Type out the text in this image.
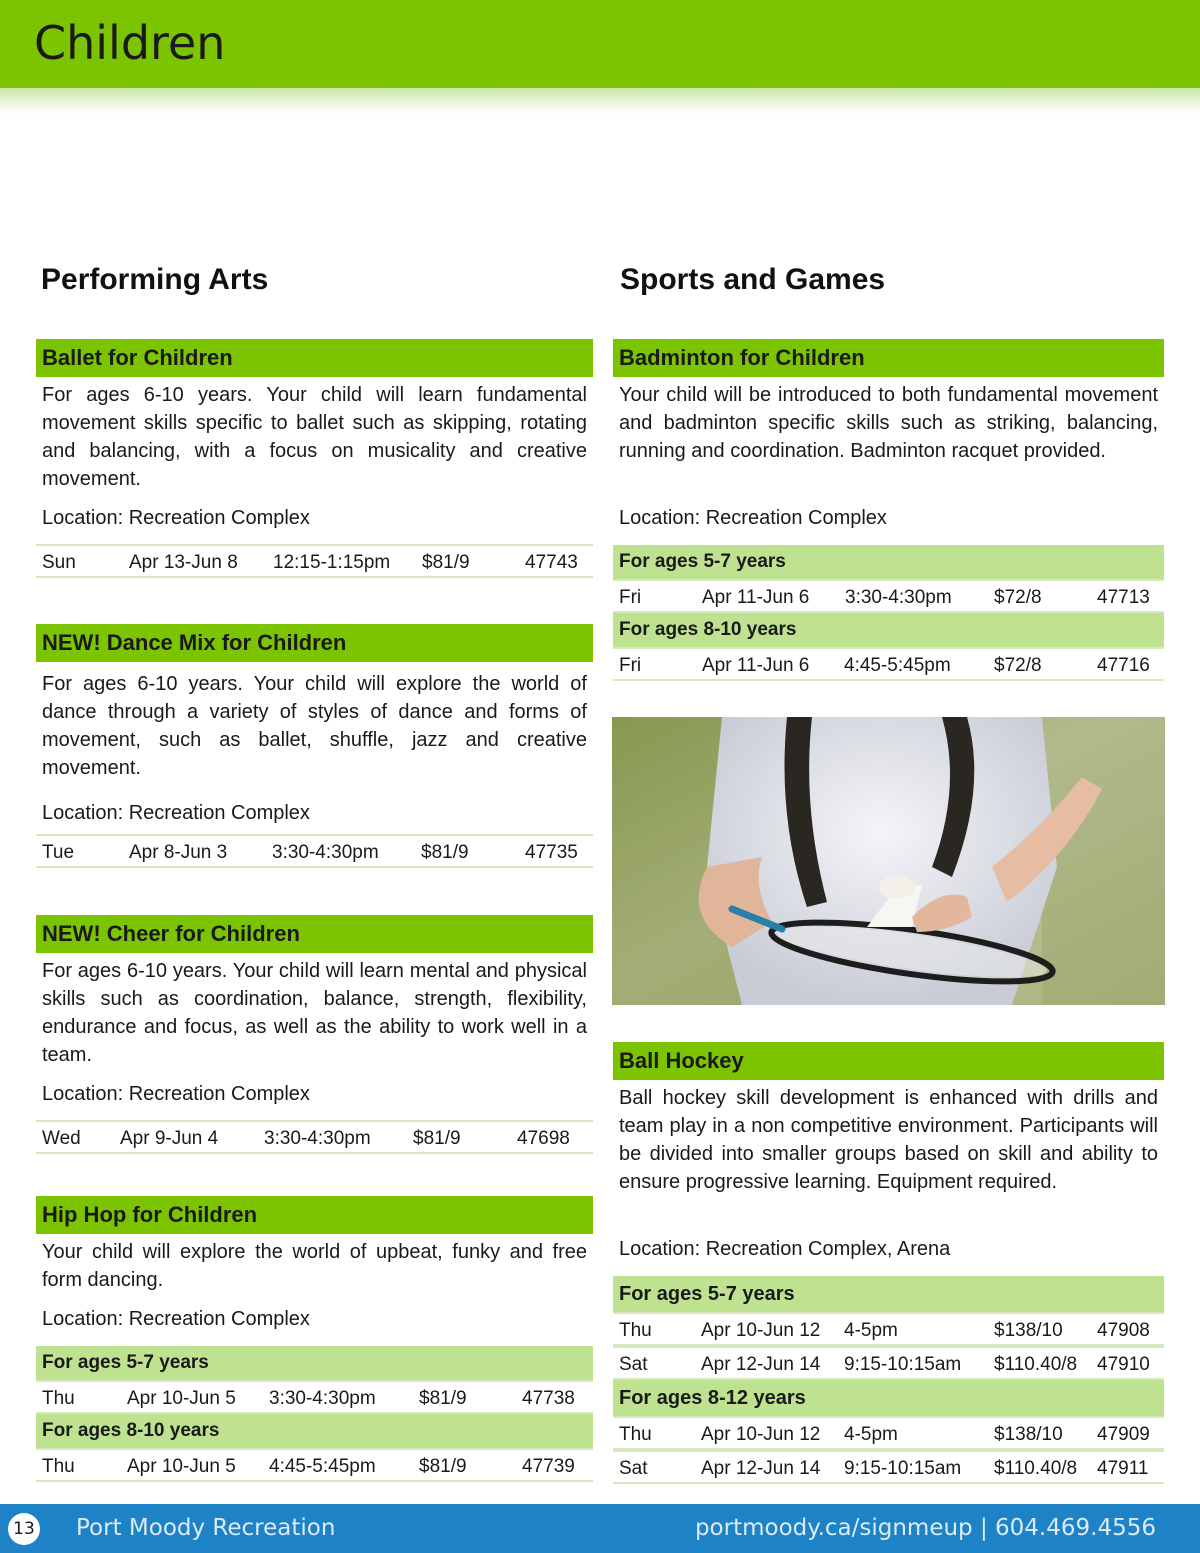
Children
Performing Arts
Ballet for Children
For ages 6-10 years. Your child will learn fundamental movement skills specific to ballet such as skipping, rotating and balancing, with a focus on musicality and creative movement.
Location: Recreation Complex
Sun	Apr 13-Jun 8 12:15-1:15pm $81/9	47743
NEW! Dance Mix for Children
For ages 6-10 years. Your child will explore the world of dance through a variety of styles of dance and forms of movement, such as ballet, shuffle, jazz and creative movement.
Location: Recreation Complex
Tue	Apr 8-Jun 3 3:30-4:30pm $81/9	47735
NEW! Cheer for Children
For ages 6-10 years. Your child will learn mental and physical skills such as coordination, balance, strength, flexibility, endurance and focus, as well as the ability to work well in a team.
Location: Recreation Complex
Wed Apr 9-Jun 4 3:30-4:30pm $81/9	47698
Hip Hop for Children
Your child will explore the world of upbeat, funky and free form dancing.
Location: Recreation Complex
For ages 5-7 years
Thu	Apr 10-Jun 5 3:30-4:30pm $81/9	47738
For ages 8-10 years
Thu	Apr 10-Jun 5 4:45-5:45pm $81/9	47739
Sports and Games
Badminton for Children
Your child will be introduced to both fundamental movement and badminton specific skills such as striking, balancing, running and coordination. Badminton racquet provided.
Location: Recreation Complex
For ages 5-7 years
Fri	Apr 11-Jun 6 3:30-4:30pm $72/8	47713
For ages 8-10 years
Fri	Apr 11-Jun 6 4:45-5:45pm $72/8	47716
Ball Hockey
Ball hockey skill development is enhanced with drills and team play in a non competitive environment. Participants will be divided into smaller groups based on skill and ability to ensure progressive learning. Equipment required.
Location: Recreation Complex, Arena
For ages 5-7 years
Thu	Apr 10-Jun 12 4-5pm	$138/10 47908
Sat	Apr 12-Jun 14 9:15-10:15am $110.40/8 47910
For ages 8-12 years
Thu	Apr 10-Jun 12 4-5pm	$138/10 47909
Sat	Apr 12-Jun 14 9:15-10:15am $110.40/8 47911
13 Port Moody Recreation	portmoody.ca/signmeup | 604.469.4556
